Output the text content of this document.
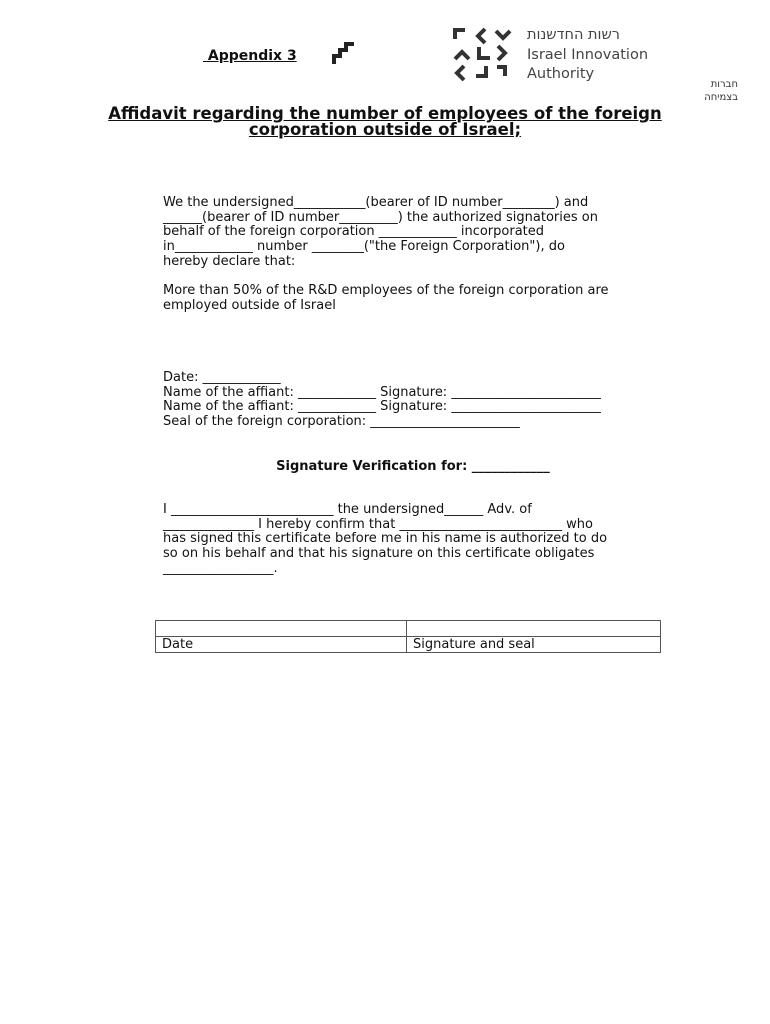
Appendix 3
חברות
בצמיחה
רשות החדשנות
Israel Innovation
Authority
Affidavit regarding the number of employees of the foreign corporation outside of Israel;
We the undersigned___________(bearer of ID number________) and
______(bearer of ID number_________) the authorized signatories on
behalf of the foreign corporation ____________ incorporated
in____________ number ________("the Foreign Corporation"), do
hereby declare that:
More than 50% of the R&D employees of the foreign corporation are
employed outside of Israel
Date: ____________
Name of the affiant: ____________ Signature: _______________________
Name of the affiant: ____________ Signature: _______________________
Seal of the foreign corporation: _______________________
Signature Verification for: ____________
I _________________________ the undersigned______ Adv. of
______________ I hereby confirm that _________________________ who
has signed this certificate before me in his name is authorized to do
so on his behalf and that his signature on this certificate obligates
_________________.

Date	Signature and seal
